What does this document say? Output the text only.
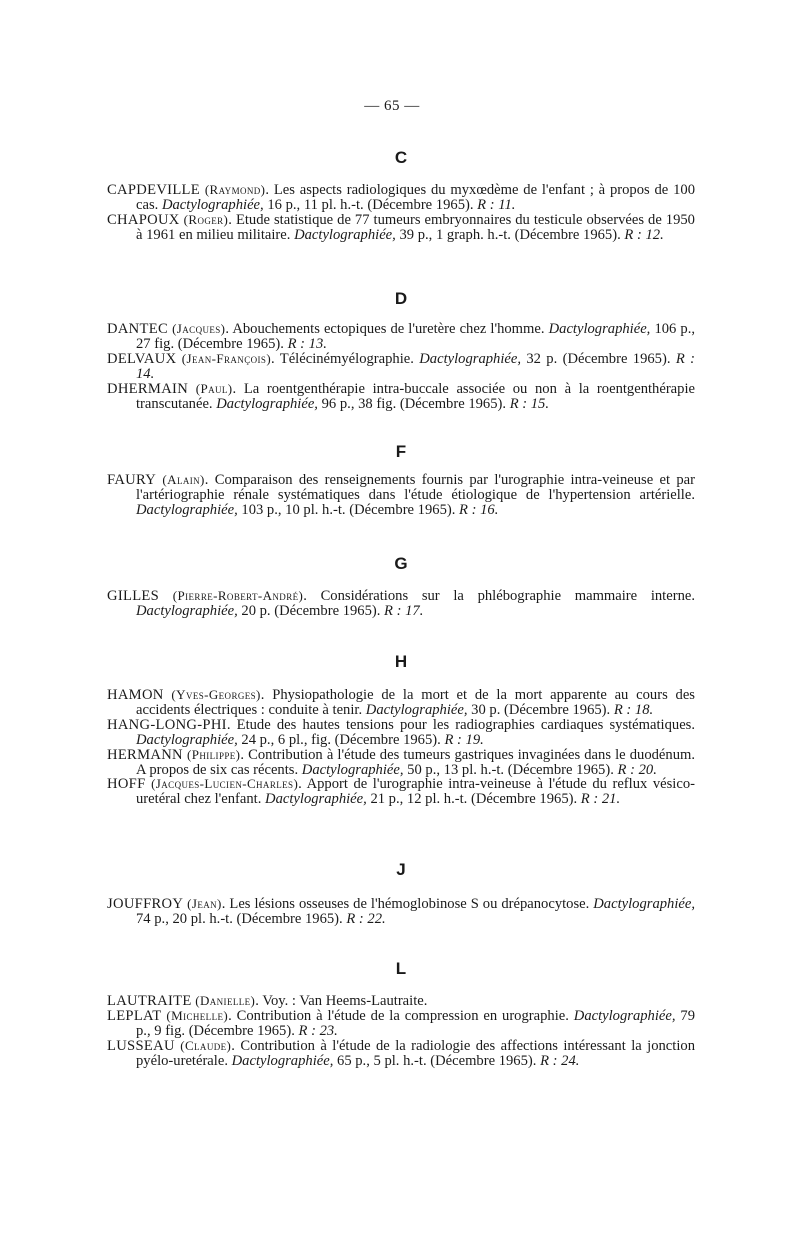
— 65 —
C

CAPDEVILLE (Raymond). Les aspects radiologiques du myxœdème de l'enfant ; à propos de 100 cas. Dactylographiée, 16 p., 11 pl. h.-t. (Décembre 1965). R : 11.

CHAPOUX (Roger). Etude statistique de 77 tumeurs embryonnaires du testicule observées de 1950 à 1961 en milieu militaire. Dactylographiée, 39 p., 1 graph. h.-t. (Décembre 1965). R : 12.

D

DANTEC (Jacques). Abouchements ectopiques de l'uretère chez l'homme. Dactylographiée, 106 p., 27 fig. (Décembre 1965). R : 13.

DELVAUX (Jean-François). Télécinémyélographie. Dactylographiée, 32 p. (Décembre 1965). R : 14.

DHERMAIN (Paul). La roentgenthérapie intra-buccale associée ou non à la roentgenthérapie transcutanée. Dactylographiée, 96 p., 38 fig. (Décembre 1965). R : 15.

F

FAURY (Alain). Comparaison des renseignements fournis par l'urographie intra-veineuse et par l'artériographie rénale systématiques dans l'étude étiologique de l'hypertension artérielle. Dactylographiée, 103 p., 10 pl. h.-t. (Décembre 1965). R : 16.

G

GILLES (Pierre-Robert-André). Considérations sur la phlébographie mammaire interne. Dactylographiée, 20 p. (Décembre 1965). R : 17.

H

HAMON (Yves-Georges). Physiopathologie de la mort et de la mort apparente au cours des accidents électriques : conduite à tenir. Dactylographiée, 30 p. (Décembre 1965). R : 18.

HANG-LONG-PHI. Etude des hautes tensions pour les radiographies cardiaques systématiques. Dactylographiée, 24 p., 6 pl., fig. (Décembre 1965). R : 19.

HERMANN (Philippe). Contribution à l'étude des tumeurs gastriques invaginées dans le duodénum. A propos de six cas récents. Dactylographiée, 50 p., 13 pl. h.-t. (Décembre 1965). R : 20.

HOFF (Jacques-Lucien-Charles). Apport de l'urographie intra-veineuse à l'étude du reflux vésico-uretéral chez l'enfant. Dactylographiée, 21 p., 12 pl. h.-t. (Décembre 1965). R : 21.

J

JOUFFROY (Jean). Les lésions osseuses de l'hémoglobinose S ou drépanocytose. Dactylographiée, 74 p., 20 pl. h.-t. (Décembre 1965). R : 22.

L

LAUTRAITE (Danielle). Voy. : Van Heems-Lautraite.

LEPLAT (Michelle). Contribution à l'étude de la compression en urographie. Dactylographiée, 79 p., 9 fig. (Décembre 1965). R : 23.

LUSSEAU (Claude). Contribution à l'étude de la radiologie des affections intéressant la jonction pyélo-uretérale. Dactylographiée, 65 p., 5 pl. h.-t. (Décembre 1965). R : 24.
